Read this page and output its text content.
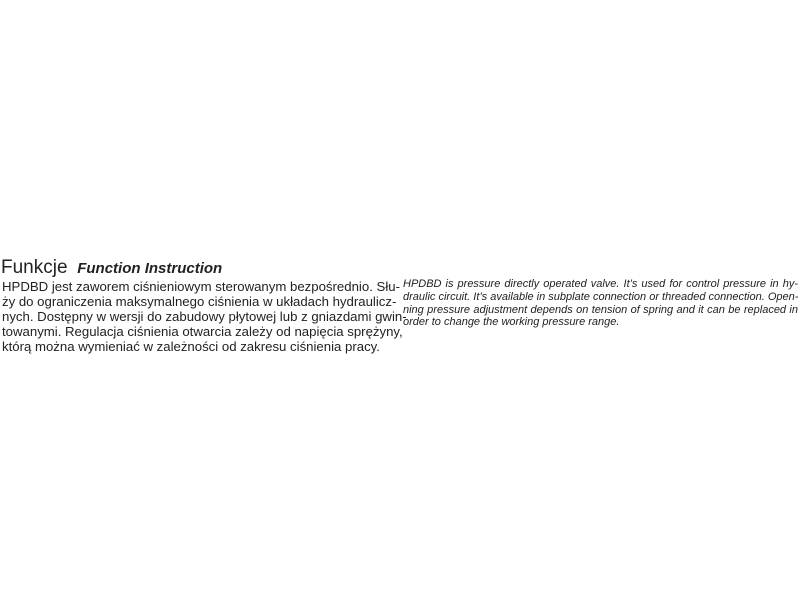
Funkcje Function Instruction
HPDBD jest zaworem ciśnieniowym sterowanym bezpośrednio. Słu-
ży do ograniczenia maksymalnego ciśnienia w układach hydraulicz-
nych. Dostępny w wersji do zabudowy płytowej lub z gniazdami gwin-
towanymi. Regulacja ciśnienia otwarcia zależy od napięcia sprężyny,
którą można wymieniać w zależności od zakresu ciśnienia pracy.
HPDBD is pressure directly operated valve. It’s used for control pressure in hy-
draulic circuit. It’s available in subplate connection or threaded connection. Open-
ning pressure adjustment depends on tension of spring and it can be replaced in
order to change the working pressure range.
